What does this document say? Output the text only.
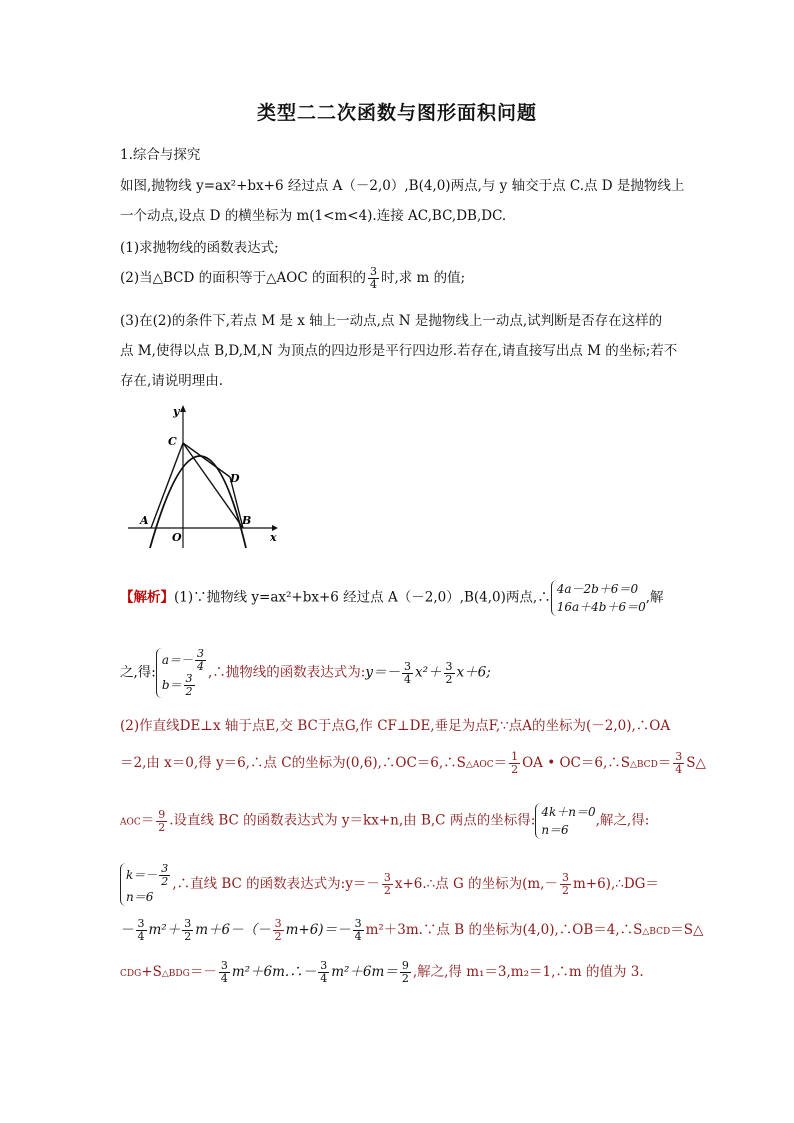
类型二二次函数与图形面积问题
1.综合与探究
如图,抛物线 y=ax²+bx+6 经过点 A（－2,0）,B(4,0)两点,与 y 轴交于点 C.点 D 是抛物线上
一个动点,设点 D 的横坐标为 m(1<m<4).连接 AC,BC,DB,DC.
(1)求抛物线的函数表达式;
(2)当△BCD 的面积等于△AOC 的面积的 $\frac{3}{4}$ 时,求 m 的值;
(3)在(2)的条件下,若点 M 是 x 轴上一动点,点 N 是抛物线上一动点,试判断是否存在这样的
点 M,使得以点 B,D,M,N 为顶点的四边形是平行四边形.若存在,请直接写出点 M 的坐标;若不
存在,请说明理由.
y
x
C
D
A
O
B
【解析】(1)∵抛物线 y=ax²+bx+6 经过点 A（－2,0）,B(4,0)两点,∴
4a－2b＋6＝0
16a＋4b＋6＝0
,解
之,得:
$a=- \frac{3}{4}$
$b= \frac{3}{2}$
,∴抛物线的函数表达式为:y＝－ $\frac{3}{4} x^2+ \frac{3}{2} x+6$;
(2)作直线DE⊥x 轴于点E,交 BC于点G,作 CF⊥DE,垂足为点F,∵点A的坐标为(－2,0),∴OA
＝2,由 x＝0,得 y＝6,∴点 C的坐标为(0,6),∴OC＝6,∴S△AOC＝ $\frac{1}{2}$ OA • OC＝6,∴S△BCD＝ $\frac{3}{4}$ S△
$AOC= \frac{9}{2}$ .设直线 BC 的函数表达式为 y＝kx+n,由 B,C 两点的坐标得:
4k＋n＝0
n＝6
,解之,得:
$k=- \frac{3}{2}$
n＝6
,∴直线 BC 的函数表达式为:y＝－ $\frac{3}{2}$ x+6.∴点 G 的坐标为($m,- \frac{3}{2}$ m+6),∴DG＝
－ $\frac{3}{4} m^2+ \frac{3}{2} m+6-(- \frac{3}{2} m+6)=- \frac{3}{4}$ m²＋3m.∵点 B 的坐标为(4,0),∴OB＝4,∴S△BCD＝S△
CDG+S△BDG＝－ $\frac{3}{4}$ m²＋6m.∴－ $\frac{3}{4} m^2+6m= \frac{9}{2}$ ,解之,得 m₁＝3,m₂＝1,∴m 的值为 3.
